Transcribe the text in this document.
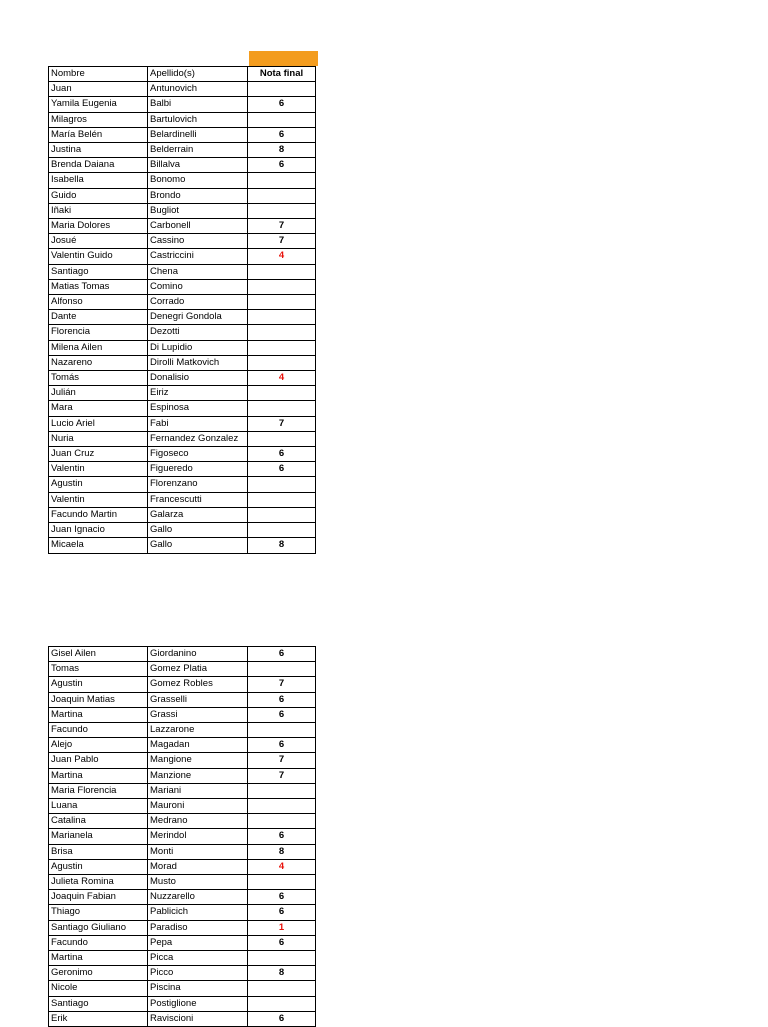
Nombre	Apellido(s)	Nota final
Juan	Antunovich	
Yamila Eugenia	Balbi	6
Milagros	Bartulovich	
María Belén	Belardinelli	6
Justina	Belderrain	8
Brenda Daiana	Billalva	6
Isabella	Bonomo	
Guido	Brondo	
Iñaki	Bugliot	
Maria Dolores	Carbonell	7
Josué	Cassino	7
Valentin Guido	Castriccini	4
Santiago	Chena	
Matias Tomas	Comino	
Alfonso	Corrado	
Dante	Denegri Gondola	
Florencia	Dezotti	
Milena Ailen	Di Lupidio	
Nazareno	Dirolli Matkovich	
Tomás	Donalisio	4
Julián	Eiriz	
Mara	Espinosa	
Lucio Ariel	Fabi	7
Nuria	Fernandez Gonzalez	
Juan Cruz	Figoseco	6
Valentin	Figueredo	6
Agustin	Florenzano	
Valentin	Francescutti	
Facundo Martin	Galarza	
Juan Ignacio	Gallo	
Micaela	Gallo	8
Gisel Ailen	Giordanino	6
Tomas	Gomez Platia	
Agustin	Gomez Robles	7
Joaquin Matias	Grasselli	6
Martina	Grassi	6
Facundo	Lazzarone	
Alejo	Magadan	6
Juan Pablo	Mangione	7
Martina	Manzione	7
Maria Florencia	Mariani	
Luana	Mauroni	
Catalina	Medrano	
Marianela	Merindol	6
Brisa	Monti	8
Agustin	Morad	4
Julieta Romina	Musto	
Joaquin Fabian	Nuzzarello	6
Thiago	Pablicich	6
Santiago Giuliano	Paradiso	1
Facundo	Pepa	6
Martina	Picca	
Geronimo	Picco	8
Nicole	Piscina	
Santiago	Postiglione	
Erik	Raviscioni	6
